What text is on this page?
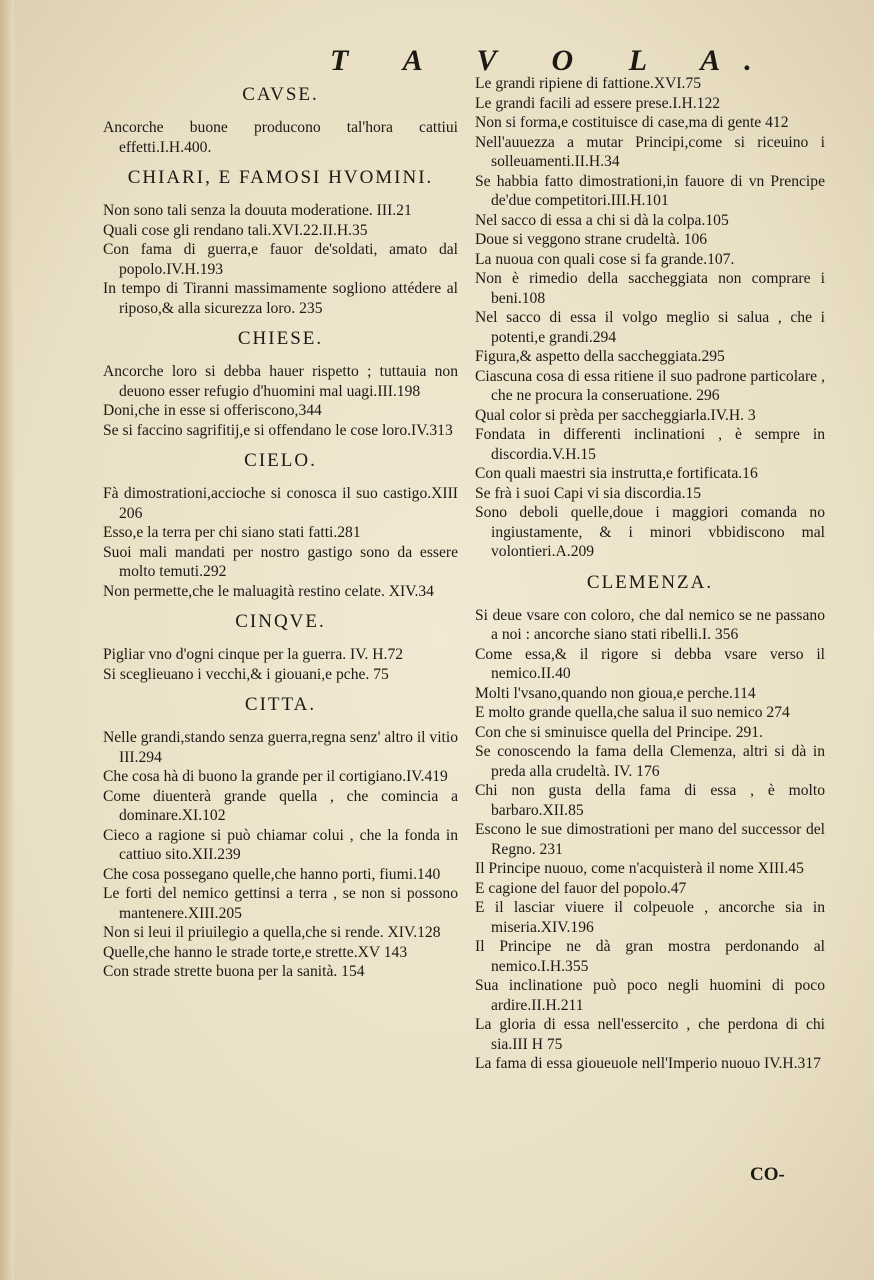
T A V O L A.
CAVSE.
Ancorche buone producono tal'hora cattiui effetti.I.H.400.
CHIARI, E FAMOSI HVOMINI.
Non sono tali senza la douuta moderatione. III.21
Quali cose gli rendano tali.XVI.22.II.H.35
Con fama di guerra,e fauor de'soldati, amato dal popolo.IV.H.193
In tempo di Tiranni massimamente sogliono attédere al riposo,& alla sicurezza loro. 235
CHIESE.
Ancorche loro si debba hauer rispetto ; tuttauia non deuono esser refugio d'huomini mal uagi.III.198
Doni,che in esse si offeriscono,344
Se si faccino sagrifitij,e si offendano le cose loro.IV.313
CIELO.
Fà dimostrationi,accioche si conosca il suo castigo.XIII 206
Esso,e la terra per chi siano stati fatti.281
Suoi mali mandati per nostro gastigo sono da essere molto temuti.292
Non permette,che le maluagità restino celate. XIV.34
CINQVE.
Pigliar vno d'ogni cinque per la guerra. IV. H.72
Si sceglieuano i vecchi,& i giouani,e pche. 75
CITTA.
Nelle grandi,stando senza guerra,regna senz' altro il vitio III.294
Che cosa hà di buono la grande per il cortigiano.IV.419
Come diuenterà grande quella , che comincia a dominare.XI.102
Cieco a ragione si può chiamar colui , che la fonda in cattiuo sito.XII.239
Che cosa possegano quelle,che hanno porti, fiumi.140
Le forti del nemico gettinsi a terra , se non si possono mantenere.XIII.205
Non si leui il priuilegio a quella,che si rende. XIV.128
Quelle,che hanno le strade torte,e strette.XV 143
Con strade strette buona per la sanità. 154
Le grandi ripiene di fattione.XVI.75
Le grandi facili ad essere prese.I.H.122
Non si forma,e costituisce di case,ma di gente 412
Nell'auuezza a mutar Principi,come si riceuino i solleuamenti.II.H.34
Se habbia fatto dimostrationi,in fauore di vn Prencipe de'due competitori.III.H.101
Nel sacco di essa a chi si dà la colpa.105
Doue si veggono strane crudeltà. 106
La nuoua con quali cose si fa grande.107.
Non è rimedio della saccheggiata non comprare i beni.108
Nel sacco di essa il volgo meglio si salua , che i potenti,e grandi.294
Figura,& aspetto della saccheggiata.295
Ciascuna cosa di essa ritiene il suo padrone particolare , che ne procura la conseruatione. 296
Qual color si prèda per saccheggiarla.IV.H. 3
Fondata in differenti inclinationi , è sempre in discordia.V.H.15
Con quali maestri sia instrutta,e fortificata.16
Se frà i suoi Capi vi sia discordia.15
Sono deboli quelle,doue i maggiori comanda no ingiustamente, & i minori vbbidiscono mal volontieri.A.209
CLEMENZA.
Si deue vsare con coloro, che dal nemico se ne passano a noi : ancorche siano stati ribelli.I. 356
Come essa,& il rigore si debba vsare verso il nemico.II.40
Molti l'vsano,quando non gioua,e perche.114
E molto grande quella,che salua il suo nemico 274
Con che si sminuisce quella del Principe. 291.
Se conoscendo la fama della Clemenza, altri si dà in preda alla crudeltà. IV. 176
Chi non gusta della fama di essa , è molto barbaro.XII.85
Escono le sue dimostrationi per mano del successor del Regno. 231
Il Principe nuouo, come n'acquisterà il nome XIII.45
E cagione del fauor del popolo.47
E il lasciar viuere il colpeuole , ancorche sia in miseria.XIV.196
Il Principe ne dà gran mostra perdonando al nemico.I.H.355
Sua inclinatione può poco negli huomini di poco ardire.II.H.211
La gloria di essa nell'essercito , che perdona di chi sia.III H 75
La fama di essa gioueuole nell'Imperio nuouo IV.H.317
CO-
